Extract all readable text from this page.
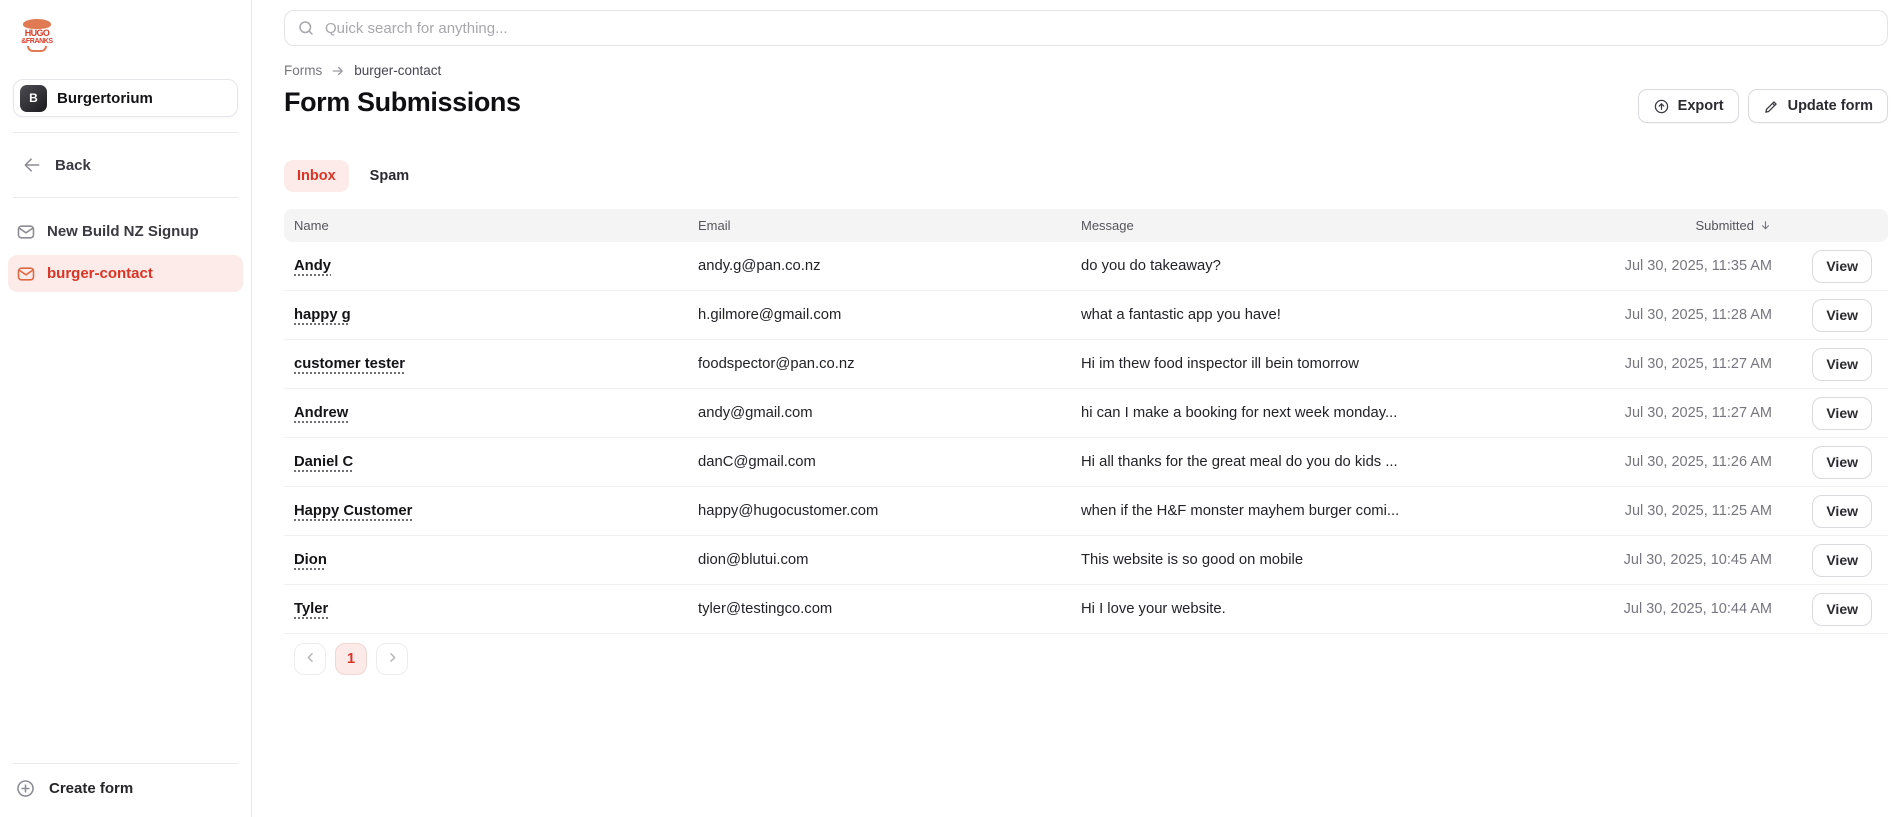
HUGO
&FRANKS
B	Burgertorium
Back
New Build NZ Signup
burger-contact
Create form
Quick search for anything...
Forms burger-contact
Form Submissions	Export	Update form
Inbox	Spam
Name	Email	Message	Submitted
Andy	andy.g@pan.co.nz	do you do takeaway?	Jul 30, 2025, 11:35 AM	View
happy g	h.gilmore@gmail.com	what a fantastic app you have!	Jul 30, 2025, 11:28 AM	View
customer tester	foodspector@pan.co.nz	Hi im thew food inspector ill bein tomorrow	Jul 30, 2025, 11:27 AM	View
Andrew	andy@gmail.com	hi can I make a booking for next week monday...	Jul 30, 2025, 11:27 AM	View
Daniel C	danC@gmail.com	Hi all thanks for the great meal do you do kids ...	Jul 30, 2025, 11:26 AM	View
Happy Customer	happy@hugocustomer.com	when if the H&F monster mayhem burger comi...	Jul 30, 2025, 11:25 AM	View
Dion	dion@blutui.com	This website is so good on mobile	Jul 30, 2025, 10:45 AM	View
Tyler	tyler@testingco.com	Hi I love your website.	Jul 30, 2025, 10:44 AM	View
1
